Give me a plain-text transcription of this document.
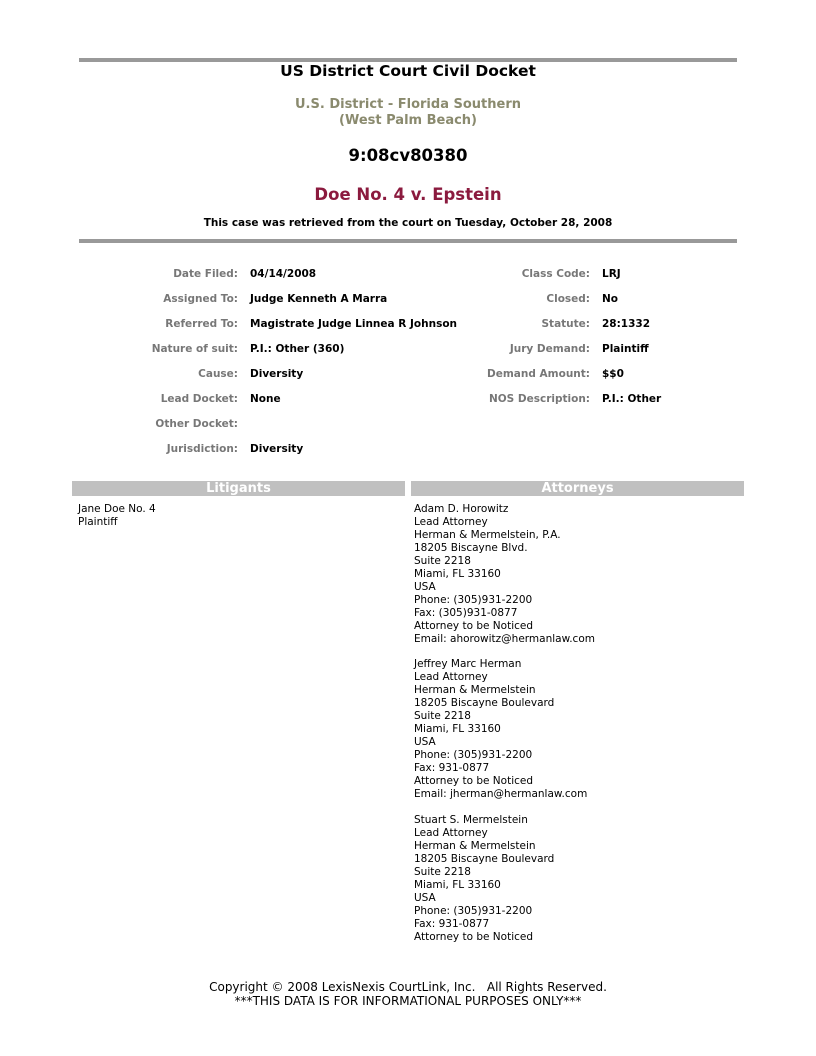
US District Court Civil Docket
U.S. District - Florida Southern
(West Palm Beach)
9:08cv80380
Doe No. 4 v. Epstein
This case was retrieved from the court on Tuesday, October 28, 2008
Date Filed: 04/14/2008
Assigned To: Judge Kenneth A Marra
Referred To: Magistrate Judge Linnea R Johnson
Nature of suit: P.I.: Other (360)
Cause: Diversity
Lead Docket: None
Other Docket:
Jurisdiction: Diversity
Class Code: LRJ
Closed: No
Statute: 28:1332
Jury Demand: Plaintiff
Demand Amount: $$0
NOS Description: P.I.: Other
Litigants	Attorneys
Jane Doe No. 4
Plaintiff
Adam D. Horowitz
Lead Attorney
Herman & Mermelstein, P.A.
18205 Biscayne Blvd.
Suite 2218
Miami, FL 33160
USA
Phone: (305)931-2200
Fax: (305)931-0877
Attorney to be Noticed
Email: ahorowitz@hermanlaw.com
Jeffrey Marc Herman
Lead Attorney
Herman & Mermelstein
18205 Biscayne Boulevard
Suite 2218
Miami, FL 33160
USA
Phone: (305)931-2200
Fax: 931-0877
Attorney to be Noticed
Email: jherman@hermanlaw.com
Stuart S. Mermelstein
Lead Attorney
Herman & Mermelstein
18205 Biscayne Boulevard
Suite 2218
Miami, FL 33160
USA
Phone: (305)931-2200
Fax: 931-0877
Attorney to be Noticed
Copyright © 2008 LexisNexis CourtLink, Inc.   All Rights Reserved.
***THIS DATA IS FOR INFORMATIONAL PURPOSES ONLY***
